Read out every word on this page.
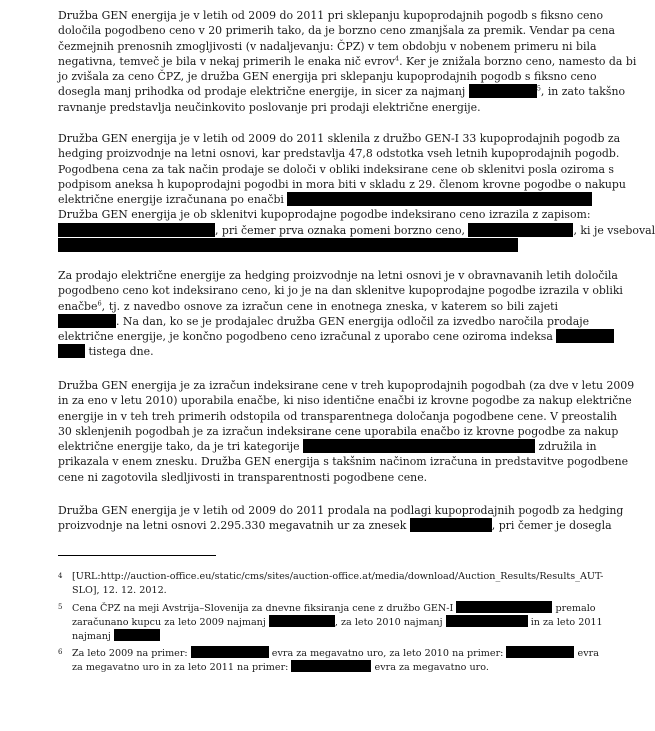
Družba GEN energija je v letih od 2009 do 2011 pri sklepanju kupoprodajnih pogodb s fiksno ceno
določila pogodbeno ceno v 20 primerih tako, da je borzno ceno zmanjšala za premik. Vendar pa cena
čezmejnih prenosnih zmogljivosti (v nadaljevanju: ČPZ) v tem obdobju v nobenem primeru ni bila
negativna, temveč je bila v nekaj primerih le enaka nič evrov$^4$. Ker je znižala borzno ceno, namesto da bi
jo zvišala za ceno ČPZ, je družba GEN energija pri sklepanju kupoprodajnih pogodb s fiksno ceno
dosegla manj prihodka od prodaje električne energije, in sicer za najmanj	$^5$, in zato takšno
ravnanje predstavlja neučinkovito poslovanje pri prodaji električne energije.
Družba GEN energija je v letih od 2009 do 2011 sklenila z družbo GEN-I 33 kupoprodajnih pogodb za
hedging proizvodnje na letni osnovi, kar predstavlja 47,8 odstotka vseh letnih kupoprodajnih pogodb.
Pogodbena cena za tak način prodaje se določi v obliki indeksirane cene ob sklenitvi posla oziroma s
podpisom aneksa h kupoprodajni pogodbi in mora biti v skladu z 29. členom krovne pogodbe o nakupu
električne energije izračunana po enačbi
Družba GEN energija je ob sklenitvi kupoprodajne pogodbe indeksirano ceno izrazila z zapisom:
, pri čemer prva oznaka pomeni borzno ceno,	, ki je vseboval
Za prodajo električne energije za hedging proizvodnje na letni osnovi je v obravnavanih letih določila
pogodbeno ceno kot indeksirano ceno, ki jo je na dan sklenitve kupoprodajne pogodbe izrazila v obliki
enačbe$^6$, tj. z navedbo osnove za izračun cene in enotnega zneska, v katerem so bili zajeti
. Na dan, ko se je prodajalec družba GEN energija odločil za izvedbo naročila prodaje
električne energije, je končno pogodbeno ceno izračunal z uporabo cene oziroma indeksa
tistega dne.
Družba GEN energija je za izračun indeksirane cene v treh kupoprodajnih pogodbah (za dve v letu 2009
in za eno v letu 2010) uporabila enačbe, ki niso identične enačbi iz krovne pogodbe za nakup električne
energije in v teh treh primerih odstopila od transparentnega določanja pogodbene cene. V preostalih
30 sklenjenih pogodbah je za izračun indeksirane cene uporabila enačbo iz krovne pogodbe za nakup
električne energije tako, da je tri kategorije	združila in
prikazala v enem znesku. Družba GEN energija s takšnim načinom izračuna in predstavitve pogodbene
cene ni zagotovila sledljivosti in transparentnosti pogodbene cene.
Družba GEN energija je v letih od 2009 do 2011 prodala na podlagi kupoprodajnih pogodb za hedging
proizvodnje na letni osnovi 2.295.330 megavatnih ur za znesek	, pri čemer je dosegla
4 [URL:http://auction-office.eu/static/cms/sites/auction-office.at/media/download/Auction_Results/Results_AUT-
SLO], 12. 12. 2012.
5 Cena ČPZ na meji Avstrija–Slovenija za dnevne fiksiranja cene z družbo GEN-I	premalo
zaračunano kupcu za leto 2009 najmanj	, za leto 2010 najmanj	in za leto 2011
najmanj
6 Za leto 2009 na primer:	evra za megavatno uro, za leto 2010 na primer:	evra
za megavatno uro in za leto 2011 na primer:	evra za megavatno uro.
